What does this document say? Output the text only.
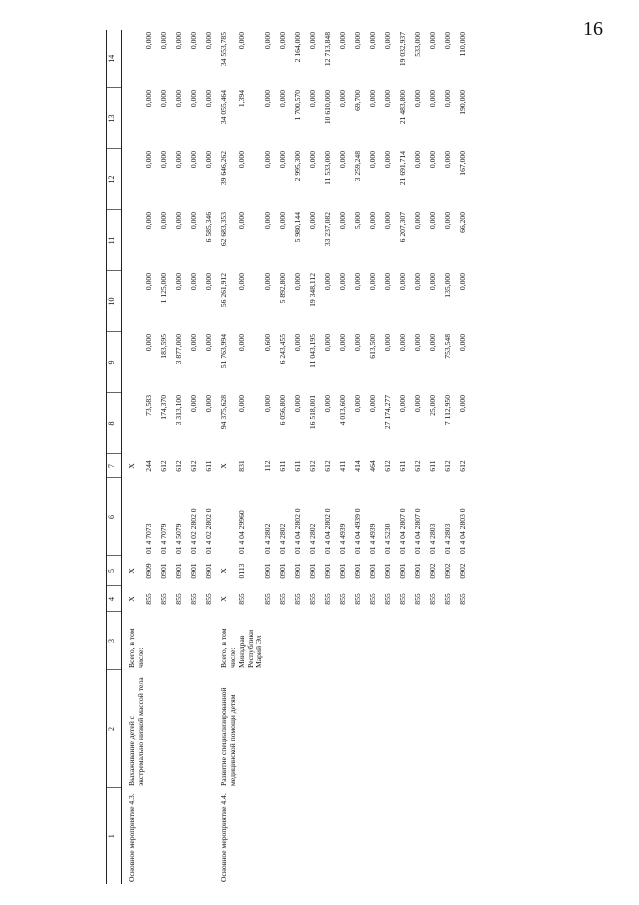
16
1	2	3	4	5	6	7	8	9	10	11	12	13	14

Основное мероприятие 4.3.	Выхаживание детей с экстремально низкой массой тела	Всего, в том числе:	X	X		X							
			855	0909	01 4 7073	244	73,583	0,000	0,000	0,000	0,000	0,000	0,000
			855	0901	01 4 7079	612	174,370	183,595	1 125,000	0,000	0,000	0,000	0,000
			855	0901	01 4 5079	612	3 313,100	3 877,000	0,000	0,000	0,000	0,000	0,000
			855	0901	01 4 02 2802 0	612	0,000	0,000	0,000	0,000	0,000	0,000	0,000
			855	0901	01 4 02 2802 0	611	0,000	0,000	0,000	6 585,346	0,000	0,000	0,000
Основное мероприятие 4.4.	Развитие специализированной медицинской помощи детям	Всего, в том числе:	X	X		X	94 375,628	51 763,994	56 261,912	62 683,353	39 646,262	34 055,464	34 553,785
		Минздрав Республики Марий Эл	855	0113	01 4 04 29960	831	0,000	0,000	0,000	0,000	0,000	1,394	0,000
			855	0901	01 4 2802	112	0,000	0,600	0,000	0,000	0,000	0,000	0,000
			855	0901	01 4 2802	611	6 056,800	6 243,455	5 892,800	0,000	0,000	0,000	0,000
			855	0901	01 4 04 2802 0	611	0,000	0,000	0,000	5 980,144	2 995,300	1 700,570	2 164,000
			855	0901	01 4 2802	612	16 518,001	11 043,195	19 348,112	0,000	0,000	0,000	0,000
			855	0901	01 4 04 2802 0	612	0,000	0,000	0,000	33 237,082	11 533,000	10 610,000	12 713,848
			855	0901	01 4 4939	411	4 013,600	0,000	0,000	0,000	0,000	0,000	0,000
			855	0901	01 4 04 4939 0	414	0,000	0,000	0,000	5,000	3 259,248	69,700	0,000
			855	0901	01 4 4939	464	0,000	613,500	0,000	0,000	0,000	0,000	0,000
			855	0901	01 4 5230	612	27 174,277	0,000	0,000	0,000	0,000	0,000	0,000
			855	0901	01 4 04 2807 0	611	0,000	0,000	0,000	6 207,307	21 691,714	21 483,800	19 032,937
			855	0901	01 4 04 2807 0	612	0,000	0,000	0,000	0,000	0,000	0,000	533,000
			855	0902	01 4 2803	611	25,000	0,000	0,000	0,000	0,000	0,000	0,000
			855	0902	01 4 2803	612	7 112,950	753,548	135,000	0,000	0,000	0,000	0,000
			855	0902	01 4 04 2803 0	612	0,000	0,000	0,000	66,200	167,000	190,000	110,000
